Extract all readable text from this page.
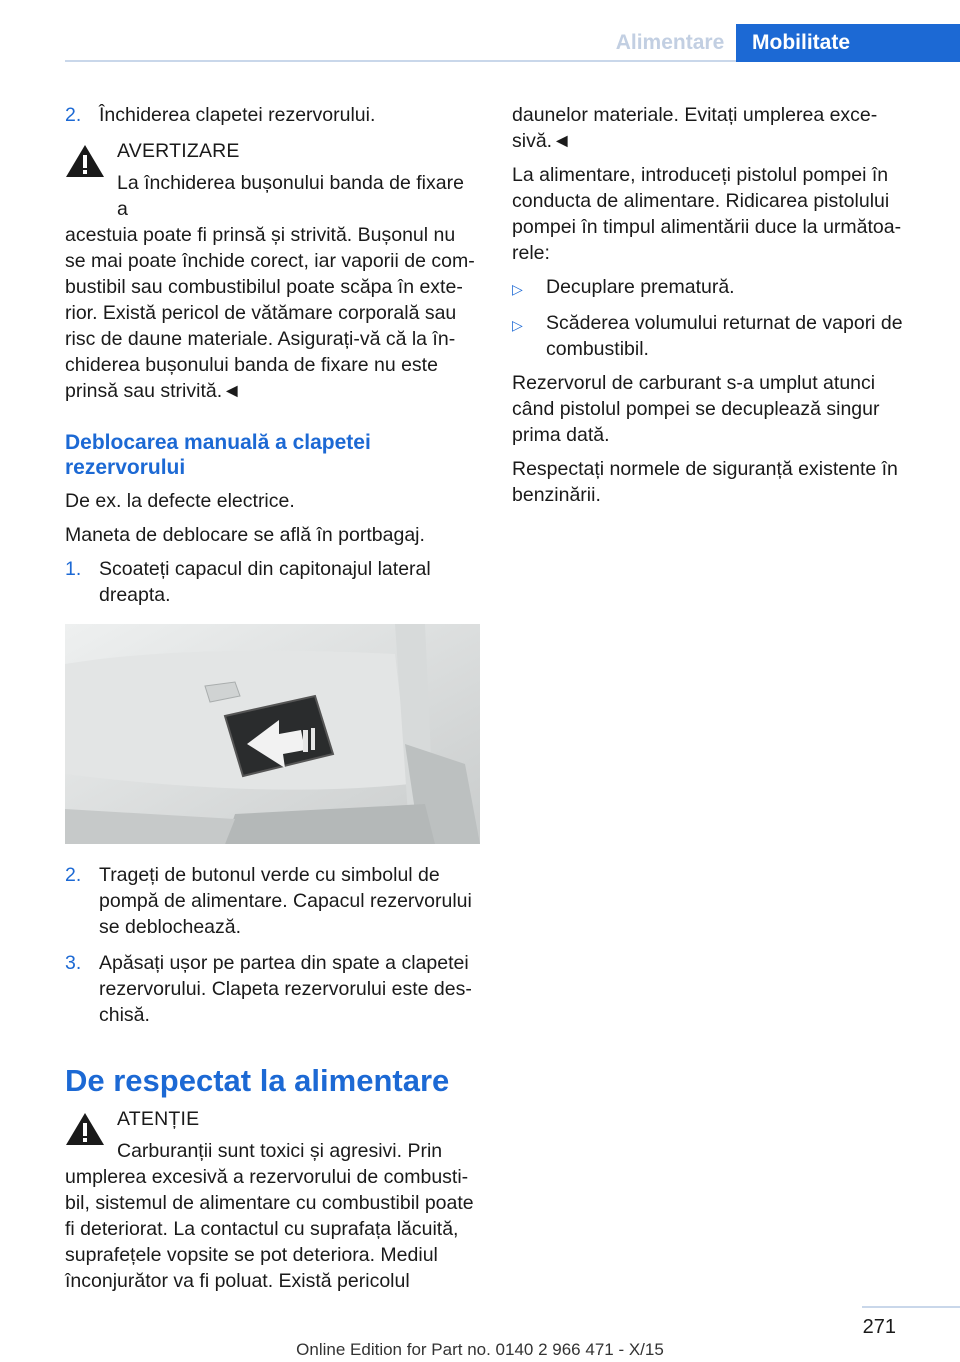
Alimentare	Mobilitate
2. Închiderea clapetei rezervorului.
AVERTIZARE
La închiderea bușonului banda de fixare a
acestuia poate fi prinsă și strivită. Bușonul nu se mai poate închide corect, iar vaporii de com‐bustibil sau combustibilul poate scăpa în exte‐rior. Există pericol de vătămare corporală sau risc de daune materiale. Asigurați-vă că la în‐chiderea bușonului banda de fixare nu este prinsă sau strivită.◄
Deblocarea manuală a clapetei rezervorului
De ex. la defecte electrice.
Maneta de deblocare se află în portbagaj.
1. Scoateți capacul din capitonajul lateral dreapta.
2. Trageți de butonul verde cu simbolul de pompă de alimentare. Capacul rezervorului se deblochează.
3. Apăsați ușor pe partea din spate a clapetei rezervorului. Clapeta rezervorului este des‐chisă.
De respectat la alimentare
ATENȚIE
Carburanții sunt toxici și agresivi. Prin
umplerea excesivă a rezervorului de combusti‐bil, sistemul de alimentare cu combustibil poate fi deteriorat. La contactul cu suprafața lăcuită, suprafețele vopsite se pot deteriora. Mediul înconjurător va fi poluat. Există pericolul
daunelor materiale. Evitați umplerea exce‐sivă.◄
La alimentare, introduceți pistolul pompei în conducta de alimentare. Ridicarea pistolului pompei în timpul alimentării duce la următoa‐rele:
▷	Decuplare prematură.
▷	Scăderea volumului returnat de vapori de combustibil.
Rezervorul de carburant s-a umplut atunci când pistolul pompei se decuplează singur prima dată.
Respectați normele de siguranță existente în benzinării.
271
Online Edition for Part no. 0140 2 966 471 - X/15
